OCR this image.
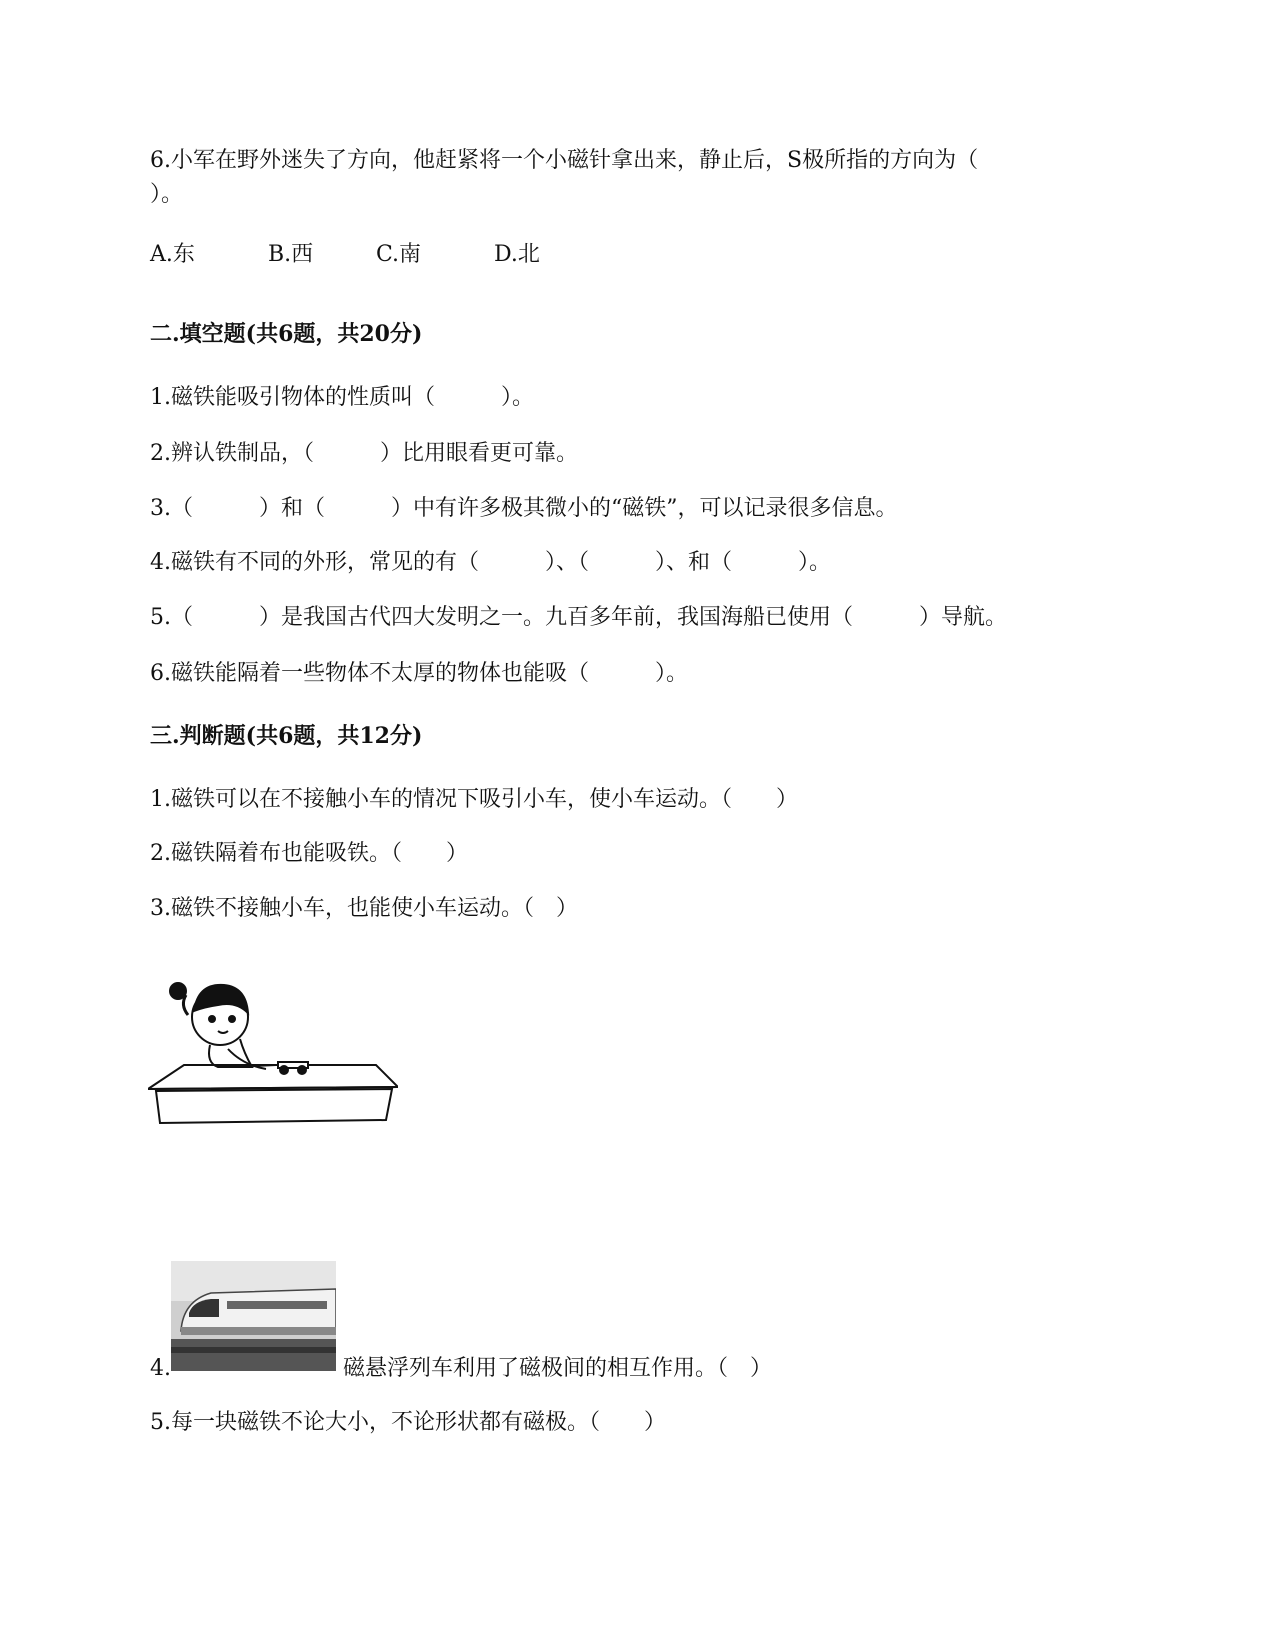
6.小军在野外迷失了方向，他赶紧将一个小磁针拿出来，静止后，S极所指的方向为（
）。
A.东	B.西	C.南	D.北
二.填空题(共6题，共20分)
1.磁铁能吸引物体的性质叫（　　　）。
2.辨认铁制品，（　　　）比用眼看更可靠。
3.（　　　）和（　　　）中有许多极其微小的“磁铁”，可以记录很多信息。
4.磁铁有不同的外形，常见的有（　　　）、（　　　）、和（　　　）。
5.（　　　）是我国古代四大发明之一。九百多年前，我国海船已使用（　　　）导航。
6.磁铁能隔着一些物体不太厚的物体也能吸（　　　）。
三.判断题(共6题，共12分)
1.磁铁可以在不接触小车的情况下吸引小车，使小车运动。（　　）
2.磁铁隔着布也能吸铁。（　　）
3.磁铁不接触小车，也能使小车运动。（　）
4.	磁悬浮列车利用了磁极间的相互作用。（　）
5.每一块磁铁不论大小，不论形状都有磁极。（　　）
